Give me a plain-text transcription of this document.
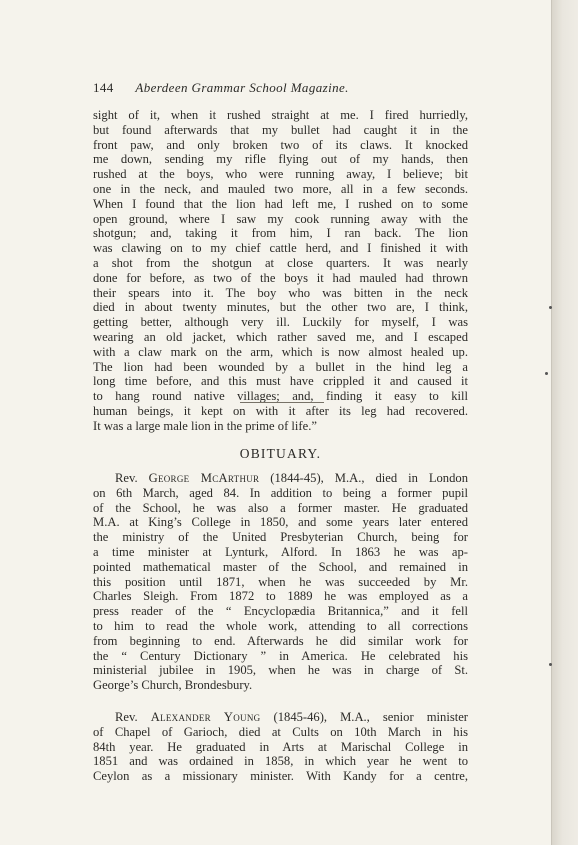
144 Aberdeen Grammar School Magazine.
sight of it, when it rushed straight at me. I fired hurriedly,
but found afterwards that my bullet had caught it in the
front paw, and only broken two of its claws. It knocked
me down, sending my rifle flying out of my hands, then
rushed at the boys, who were running away, I believe; bit
one in the neck, and mauled two more, all in a few seconds.
When I found that the lion had left me, I rushed on to some
open ground, where I saw my cook running away with the
shotgun; and, taking it from him, I ran back. The lion
was clawing on to my chief cattle herd, and I finished it with
a shot from the shotgun at close quarters. It was nearly
done for before, as two of the boys it had mauled had thrown
their spears into it. The boy who was bitten in the neck
died in about twenty minutes, but the other two are, I think,
getting better, although very ill. Luckily for myself, I was
wearing an old jacket, which rather saved me, and I escaped
with a claw mark on the arm, which is now almost healed up.
The lion had been wounded by a bullet in the hind leg a
long time before, and this must have crippled it and caused it
to hang round native villages; and, finding it easy to kill
human beings, it kept on with it after its leg had recovered.
It was a large male lion in the prime of life.”
OBITUARY.
Rev. George McArthur (1844-45), M.A., died in London
on 6th March, aged 84. In addition to being a former pupil
of the School, he was also a former master. He graduated
M.A. at King’s College in 1850, and some years later entered
the ministry of the United Presbyterian Church, being for
a time minister at Lynturk, Alford. In 1863 he was ap-
pointed mathematical master of the School, and remained in
this position until 1871, when he was succeeded by Mr.
Charles Sleigh. From 1872 to 1889 he was employed as a
press reader of the “ Encyclopædia Britannica,” and it fell
to him to read the whole work, attending to all corrections
from beginning to end. Afterwards he did similar work for
the “ Century Dictionary ” in America. He celebrated his
ministerial jubilee in 1905, when he was in charge of St.
George’s Church, Brondesbury.
Rev. Alexander Young (1845-46), M.A., senior minister
of Chapel of Garioch, died at Cults on 10th March in his
84th year. He graduated in Arts at Marischal College in
1851 and was ordained in 1858, in which year he went to
Ceylon as a missionary minister. With Kandy for a centre,
